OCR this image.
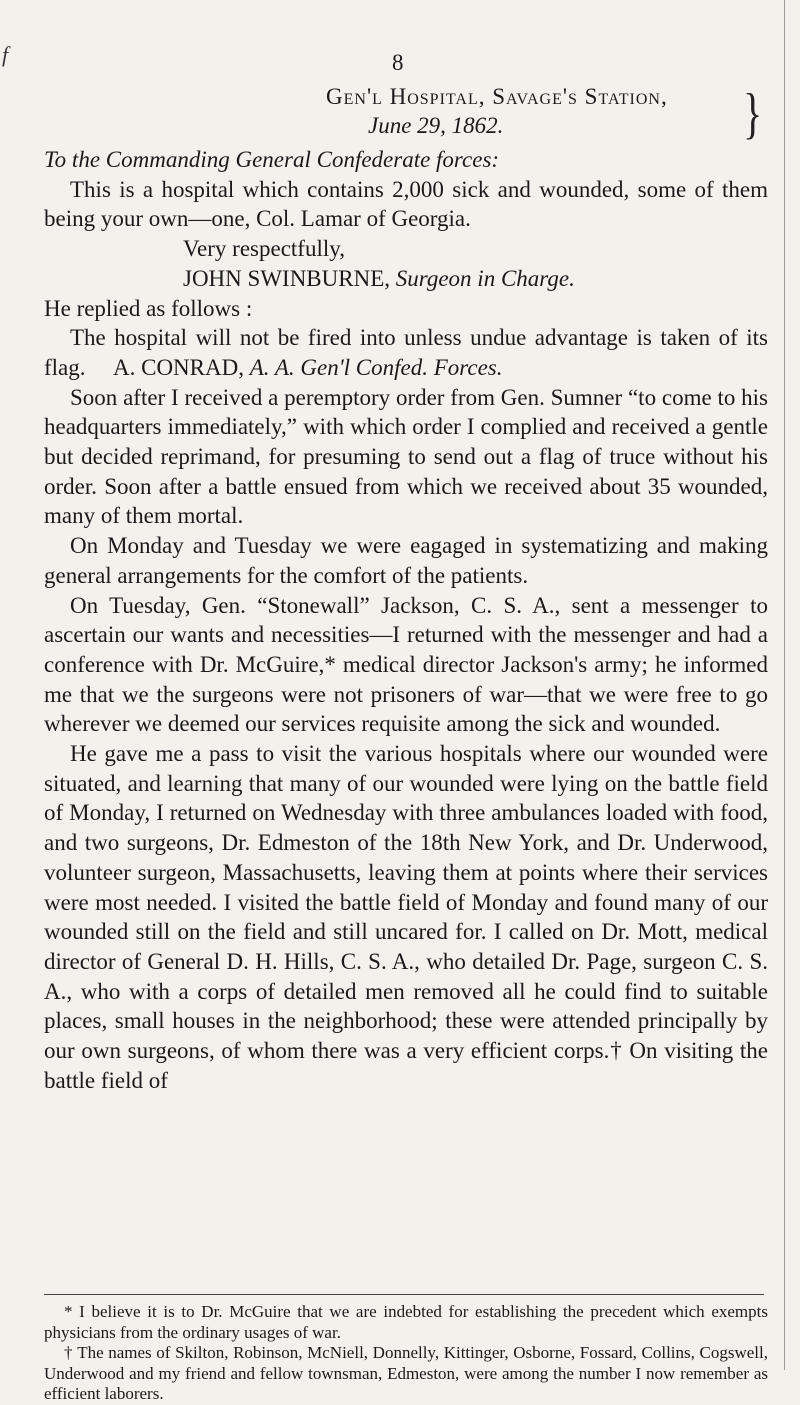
f	8
Gen'l Hospital, Savage's Station,
June 29, 1862.	}

To the Commanding General Confederate forces:

This is a hospital which contains 2,000 sick and wounded, some of them being your own—one, Col. Lamar of Georgia.

Very respectfully,

JOHN SWINBURNE, Surgeon in Charge.

He replied as follows :

The hospital will not be fired into unless undue advantage is taken of its flag. A. CONRAD, A. A. Gen'l Confed. Forces.

Soon after I received a peremptory order from Gen. Sumner “to come to his headquarters immediately,” with which order I complied and received a gentle but decided reprimand, for presuming to send out a flag of truce without his order. Soon after a battle ensued from which we received about 35 wounded, many of them mortal.

On Monday and Tuesday we were eagaged in systematizing and making general arrangements for the comfort of the patients.

On Tuesday, Gen. “Stonewall” Jackson, C. S. A., sent a messenger to ascertain our wants and necessities—I returned with the messenger and had a conference with Dr. McGuire,* medical director Jackson's army; he informed me that we the surgeons were not prisoners of war—that we were free to go wherever we deemed our services requisite among the sick and wounded.

He gave me a pass to visit the various hospitals where our wounded were situated, and learning that many of our wounded were lying on the battle field of Monday, I returned on Wednesday with three ambulances loaded with food, and two surgeons, Dr. Edmeston of the 18th New York, and Dr. Underwood, volunteer surgeon, Massachusetts, leaving them at points where their services were most needed. I visited the battle field of Monday and found many of our wounded still on the field and still uncared for. I called on Dr. Mott, medical director of General D. H. Hills, C. S. A., who detailed Dr. Page, surgeon C. S. A., who with a corps of detailed men removed all he could find to suitable places, small houses in the neighborhood; these were attended principally by our own surgeons, of whom there was a very efficient corps.† On visiting the battle field of

* I believe it is to Dr. McGuire that we are indebted for establishing the precedent which exempts physicians from the ordinary usages of war.

† The names of Skilton, Robinson, McNiell, Donnelly, Kittinger, Osborne, Fossard, Collins, Cogswell, Underwood and my friend and fellow townsman, Edmeston, were among the number I now remember as efficient laborers.
